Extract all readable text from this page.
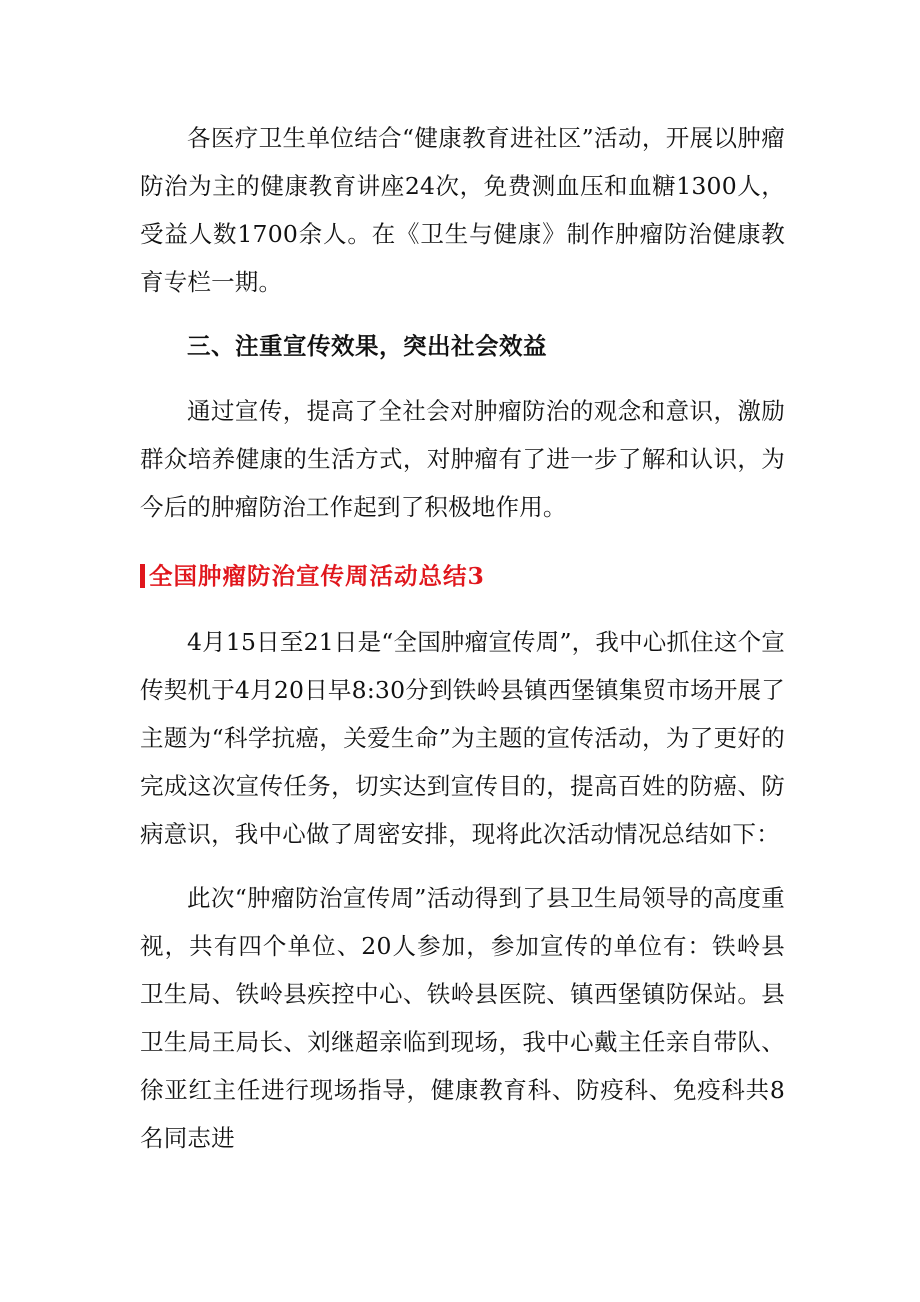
各医疗卫生单位结合“健康教育进社区”活动，开展以肿瘤防治为主的健康教育讲座24次，免费测血压和血糖1300人，受益人数1700余人。在《卫生与健康》制作肿瘤防治健康教育专栏一期。

三、注重宣传效果，突出社会效益

通过宣传，提高了全社会对肿瘤防治的观念和意识，激励群众培养健康的生活方式，对肿瘤有了进一步了解和认识，为今后的肿瘤防治工作起到了积极地作用。

全国肿瘤防治宣传周活动总结3

4月15日至21日是“全国肿瘤宣传周”，我中心抓住这个宣传契机于4月20日早8:30分到铁岭县镇西堡镇集贸市场开展了主题为“科学抗癌，关爱生命”为主题的宣传活动，为了更好的完成这次宣传任务，切实达到宣传目的，提高百姓的防癌、防病意识，我中心做了周密安排，现将此次活动情况总结如下：

此次“肿瘤防治宣传周”活动得到了县卫生局领导的高度重视，共有四个单位、20人参加，参加宣传的单位有：铁岭县卫生局、铁岭县疾控中心、铁岭县医院、镇西堡镇防保站。县卫生局王局长、刘继超亲临到现场，我中心戴主任亲自带队、徐亚红主任进行现场指导，健康教育科、防疫科、免疫科共8名同志进
